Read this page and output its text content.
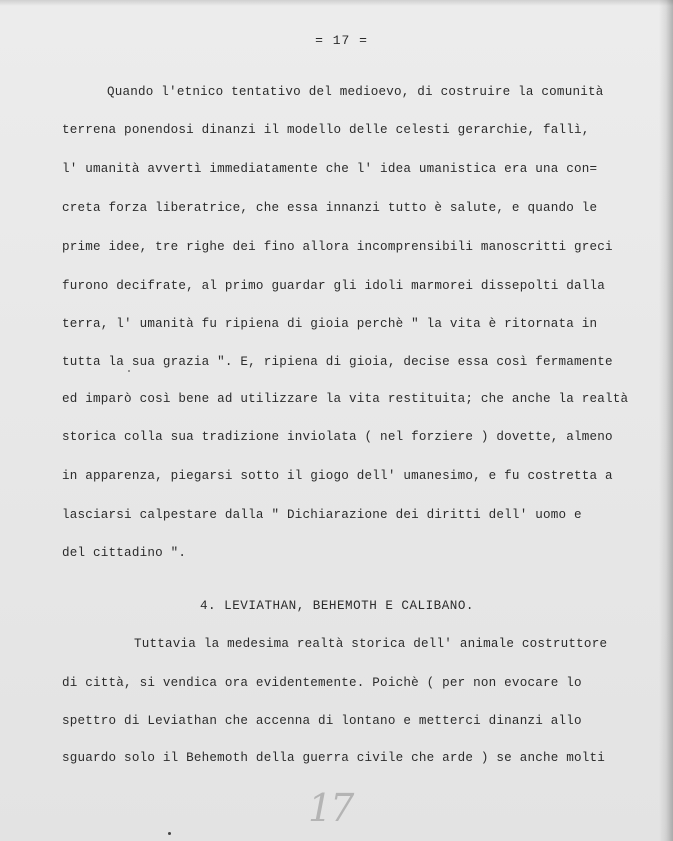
= 17 =
Quando l'etnico tentativo del medioevo, di costruire la comunità
terrena ponendosi dinanzi il modello delle celesti gerarchie, fallì,
l' umanità avvertì immediatamente che l' idea umanistica era una con=
creta forza liberatrice, che essa innanzi tutto è salute, e quando le
prime idee, tre righe dei fino allora incomprensibili manoscritti greci
furono decifrate, al primo guardar gli idoli marmorei dissepolti dalla
terra, l' umanità fu ripiena di gioia perchè " la vita è ritornata in
tutta la sua grazia ". E, ripiena di gioia, decise essa così fermamente
ed imparò così bene ad utilizzare la vita restituita; che anche la realtà
storica colla sua tradizione inviolata ( nel forziere ) dovette, almeno
in apparenza, piegarsi sotto il giogo dell' umanesimo, e fu costretta a
lasciarsi calpestare dalla " Dichiarazione dei diritti dell' uomo e
del cittadino ".
4. LEVIATHAN, BEHEMOTH E CALIBANO.
Tuttavia la medesima realtà storica dell' animale costruttore
di città, si vendica ora evidentemente. Poichè ( per non evocare lo
spettro di Leviathan che accenna di lontano e metterci dinanzi allo
sguardo solo il Behemoth della guerra civile che arde ) se anche molti
17
